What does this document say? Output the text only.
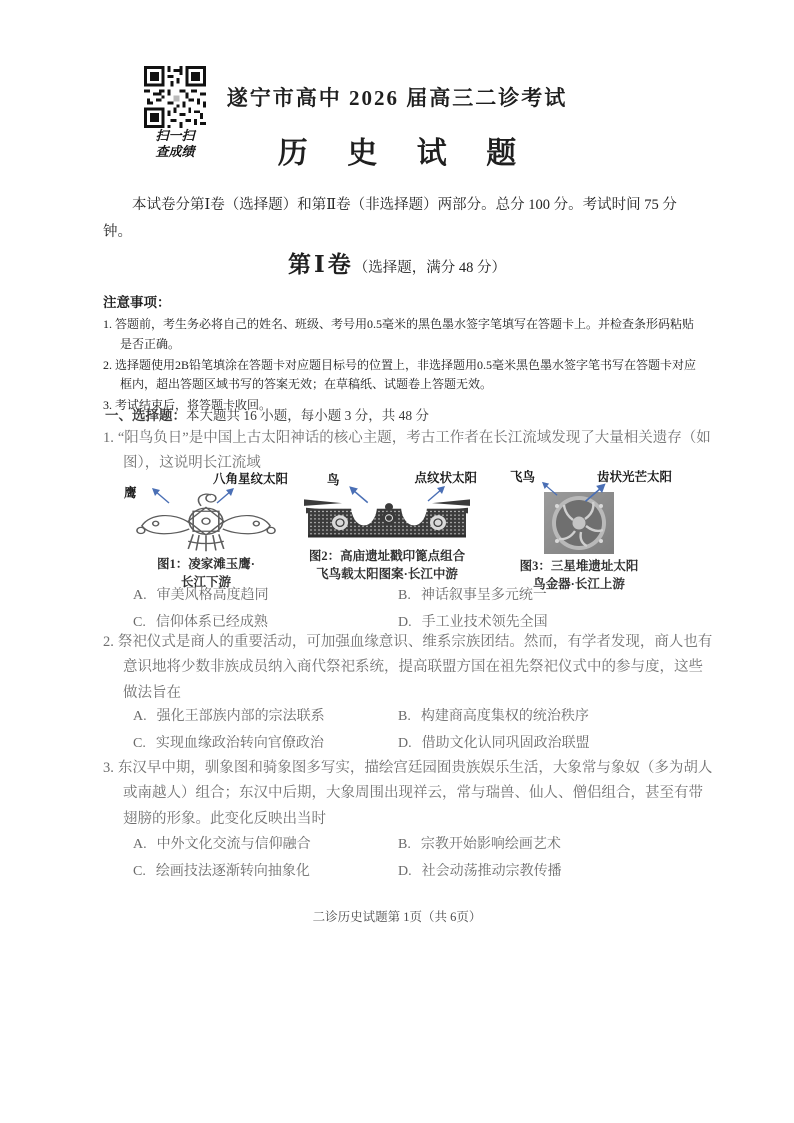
扫一扫
查成绩
遂宁市高中 2026 届高三二诊考试
历 史 试 题
本试卷分第Ⅰ卷（选择题）和第Ⅱ卷（非选择题）两部分。总分 100 分。考试时间 75 分钟。
第Ⅰ卷（选择题，满分 48 分）
注意事项：
1. 答题前，考生务必将自己的姓名、班级、考号用0.5毫米的黑色墨水签字笔填写在答题卡上。并检查条形码粘贴是否正确。
2. 选择题使用2B铅笔填涂在答题卡对应题目标号的位置上，非选择题用0.5毫米黑色墨水签字笔书写在答题卡对应框内，超出答题区域书写的答案无效；在草稿纸、试题卷上答题无效。
3. 考试结束后，将答题卡收回。
一、选择题：本大题共 16 小题，每小题 3 分，共 48 分
1. “阳鸟负日”是中国上古太阳神话的核心主题，考古工作者在长江流域发现了大量相关遗存（如图），这说明长江流域
鹰
八角星纹太阳
图1：凌家滩玉鹰·
长江下游
鸟	点纹状太阳
图2：高庙遗址戳印篦点组合
飞鸟载太阳图案·长江中游
飞鸟	齿状光芒太阳
图3：三星堆遗址太阳
鸟金器·长江上游
A. 审美风格高度趋同	B. 神话叙事呈多元统一
C. 信仰体系已经成熟	D. 手工业技术领先全国
2. 祭祀仪式是商人的重要活动，可加强血缘意识、维系宗族团结。然而，有学者发现，商人也有意识地将少数非族成员纳入商代祭祀系统，提高联盟方国在祖先祭祀仪式中的参与度，这些做法旨在
A. 强化王部族内部的宗法联系	B. 构建商高度集权的统治秩序
C. 实现血缘政治转向官僚政治	D. 借助文化认同巩固政治联盟
3. 东汉早中期，驯象图和骑象图多写实，描绘宫廷园囿贵族娱乐生活，大象常与象奴（多为胡人或南越人）组合；东汉中后期，大象周围出现祥云，常与瑞兽、仙人、僧侣组合，甚至有带翅膀的形象。此变化反映出当时
A. 中外文化交流与信仰融合	B. 宗教开始影响绘画艺术
C. 绘画技法逐渐转向抽象化	D. 社会动荡推动宗教传播
二诊历史试题第 1页（共 6页）
